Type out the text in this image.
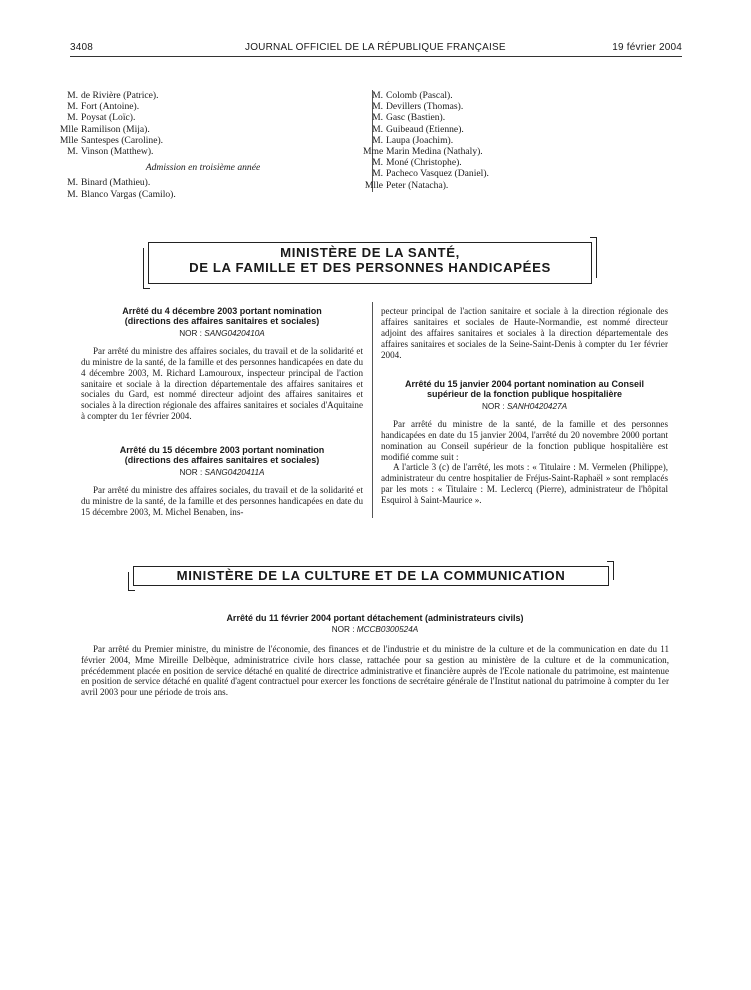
3408	JOURNAL OFFICIEL DE LA RÉPUBLIQUE FRANÇAISE	19 février 2004
M. de Rivière (Patrice).
M. Fort (Antoine).
M. Poysat (Loïc).
Mlle Ramilison (Mija).
Mlle Santespes (Caroline).
M. Vinson (Matthew).
Admission en troisième année
M. Binard (Mathieu).
M. Blanco Vargas (Camilo).
M. Colomb (Pascal).
M. Devillers (Thomas).
M. Gasc (Bastien).
M. Guibeaud (Etienne).
M. Laupa (Joachim).
Mme Marin Medina (Nathaly).
M. Moné (Christophe).
M. Pacheco Vasquez (Daniel).
Mlle Peter (Natacha).
MINISTÈRE DE LA SANTÉ,
DE LA FAMILLE ET DES PERSONNES HANDICAPÉES
Arrêté du 4 décembre 2003 portant nomination (directions des affaires sanitaires et sociales)
NOR : SANG0420410A

Par arrêté du ministre des affaires sociales, du travail et de la solidarité et du ministre de la santé, de la famille et des personnes handicapées en date du 4 décembre 2003, M. Richard Lamouroux, inspecteur principal de l'action sanitaire et sociale à la direction départementale des affaires sanitaires et sociales du Gard, est nommé directeur adjoint des affaires sanitaires et sociales à la direction régionale des affaires sanitaires et sociales d'Aquitaine à compter du 1er février 2004.

Arrêté du 15 décembre 2003 portant nomination (directions des affaires sanitaires et sociales)
NOR : SANG0420411A

Par arrêté du ministre des affaires sociales, du travail et de la solidarité et du ministre de la santé, de la famille et des personnes handicapées en date du 15 décembre 2003, M. Michel Benaben, ins-

pecteur principal de l'action sanitaire et sociale à la direction régionale des affaires sanitaires et sociales de Haute-Normandie, est nommé directeur adjoint des affaires sanitaires et sociales à la direction départementale des affaires sanitaires et sociales de la Seine-Saint-Denis à compter du 1er février 2004.

Arrêté du 15 janvier 2004 portant nomination au Conseil supérieur de la fonction publique hospitalière
NOR : SANH0420427A

Par arrêté du ministre de la santé, de la famille et des personnes handicapées en date du 15 janvier 2004, l'arrêté du 20 novembre 2000 portant nomination au Conseil supérieur de la fonction publique hospitalière est modifié comme suit :

A l'article 3 (c) de l'arrêté, les mots : « Titulaire : M. Vermelen (Philippe), administrateur du centre hospitalier de Fréjus-Saint-Raphaël » sont remplacés par les mots : « Titulaire : M. Leclercq (Pierre), administrateur de l'hôpital Esquirol à Saint-Maurice ».

MINISTÈRE DE LA CULTURE ET DE LA COMMUNICATION
Arrêté du 11 février 2004 portant détachement (administrateurs civils)
NOR : MCCB0300524A

Par arrêté du Premier ministre, du ministre de l'économie, des finances et de l'industrie et du ministre de la culture et de la communication en date du 11 février 2004, Mme Mireille Delbèque, administratrice civile hors classe, rattachée pour sa gestion au ministère de la culture et de la communication, précédemment placée en position de service détaché en qualité de directrice administrative et financière auprès de l'Ecole nationale du patrimoine, est maintenue en position de service détaché en qualité d'agent contractuel pour exercer les fonctions de secrétaire générale de l'Institut national du patrimoine à compter du 1er avril 2003 pour une période de trois ans.
